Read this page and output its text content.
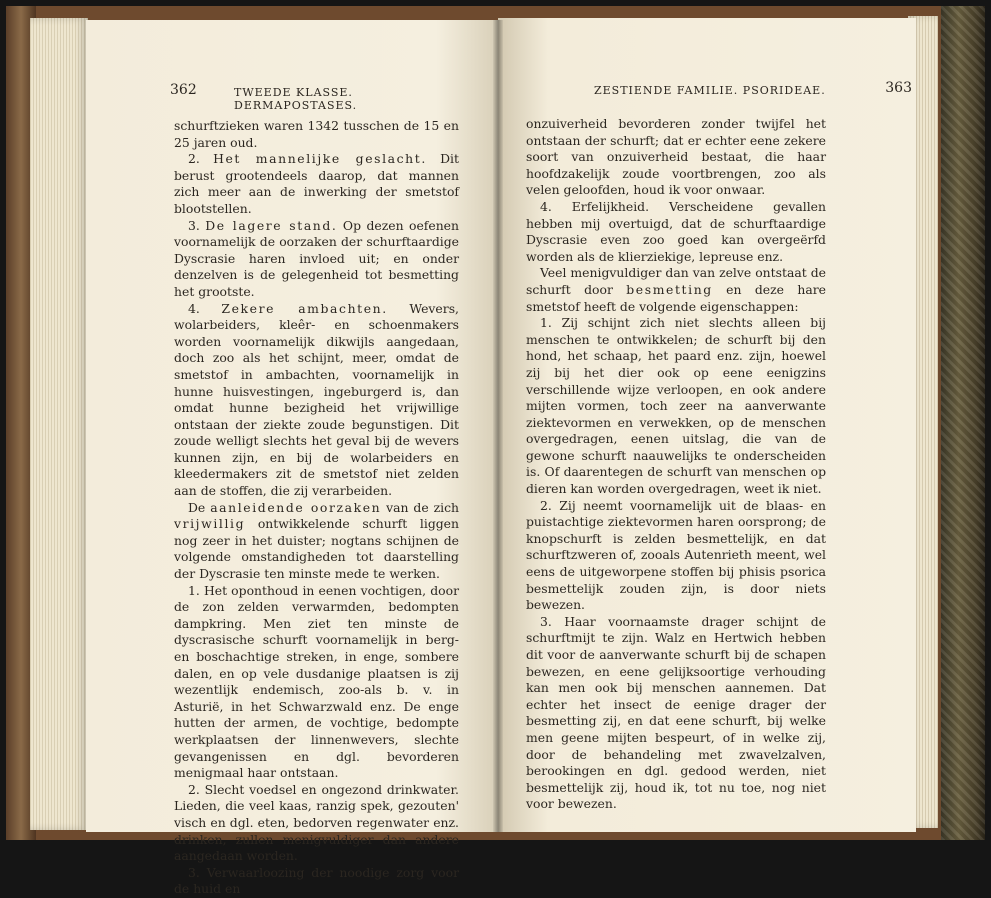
362	TWEEDE KLASSE. DERMAPOSTASES.

schurftzieken waren 1342 tusschen de 15 en 25 jaren oud.

2. Het mannelijke geslacht. Dit berust grootendeels daarop, dat mannen zich meer aan de inwerking der smetstof blootstellen.

3. De lagere stand. Op dezen oefenen voornamelijk de oorzaken der schurftaardige Dyscrasie haren invloed uit; en onder denzelven is de gelegenheid tot besmetting het grootste.

4. Zekere ambachten. Wevers, wolarbeiders, kleêr- en schoenmakers worden voornamelijk dikwijls aangedaan, doch zoo als het schijnt, meer, omdat de smetstof in ambachten, voornamelijk in hunne huisvestingen, ingeburgerd is, dan omdat hunne bezigheid het vrijwillige ontstaan der ziekte zoude begunstigen. Dit zoude welligt slechts het geval bij de wevers kunnen zijn, en bij de wolarbeiders en kleedermakers zit de smetstof niet zelden aan de stoffen, die zij verarbeiden.

De aanleidende oorzaken van de zich vrijwillig ontwikkelende schurft liggen nog zeer in het duister; nogtans schijnen de volgende omstandigheden tot daarstelling der Dyscrasie ten minste mede te werken.

1. Het oponthoud in eenen vochtigen, door de zon zelden verwarmden, bedompten dampkring. Men ziet ten minste de dyscrasische schurft voornamelijk in berg- en boschachtige streken, in enge, sombere dalen, en op vele dusdanige plaatsen is zij wezentlijk endemisch, zoo-als b. v. in Asturië, in het Schwarzwald enz. De enge hutten der armen, de vochtige, bedompte werkplaatsen der linnenwevers, slechte gevangenissen en dgl. bevorderen menigmaal haar ontstaan.

2. Slecht voedsel en ongezond drinkwater. Lieden, die veel kaas, ranzig spek, gezouten' visch en dgl. eten, bedorven regenwater enz. drinken, zullen menigvuldiger dan andere aangedaan worden.

3. Verwaarloozing der noodige zorg voor de huid en

ZESTIENDE FAMILIE. PSORIDEAE.	363

onzuiverheid bevorderen zonder twijfel het ontstaan der schurft; dat er echter eene zekere soort van onzuiverheid bestaat, die haar hoofdzakelijk zoude voortbrengen, zoo als velen geloofden, houd ik voor onwaar.

4. Erfelijkheid. Verscheidene gevallen hebben mij overtuigd, dat de schurftaardige Dyscrasie even zoo goed kan overgeërfd worden als de klierziekige, lepreuse enz.

Veel menigvuldiger dan van zelve ontstaat de schurft door besmetting en deze hare smetstof heeft de volgende eigenschappen:

1. Zij schijnt zich niet slechts alleen bij menschen te ontwikkelen; de schurft bij den hond, het schaap, het paard enz. zijn, hoewel zij bij het dier ook op eene eenigzins verschillende wijze verloopen, en ook andere mijten vormen, toch zeer na aanverwante ziektevormen en verwekken, op de menschen overgedragen, eenen uitslag, die van de gewone schurft naauwelijks te onderscheiden is. Of daarentegen de schurft van menschen op dieren kan worden overgedragen, weet ik niet.

2. Zij neemt voornamelijk uit de blaas- en puistachtige ziektevormen haren oorsprong; de knopschurft is zelden besmettelijk, en dat schurftzweren of, zooals Autenrieth meent, wel eens de uitgeworpene stoffen bij phisis psorica besmettelijk zouden zijn, is door niets bewezen.

3. Haar voornaamste drager schijnt de schurftmijt te zijn. Walz en Hertwich hebben dit voor de aanverwante schurft bij de schapen bewezen, en eene gelijksoortige verhouding kan men ook bij menschen aannemen. Dat echter het insect de eenige drager der besmetting zij, en dat eene schurft, bij welke men geene mijten bespeurt, of in welke zij, door de behandeling met zwavelzalven, berookingen en dgl. gedood werden, niet besmettelijk zij, houd ik, tot nu toe, nog niet voor bewezen.
